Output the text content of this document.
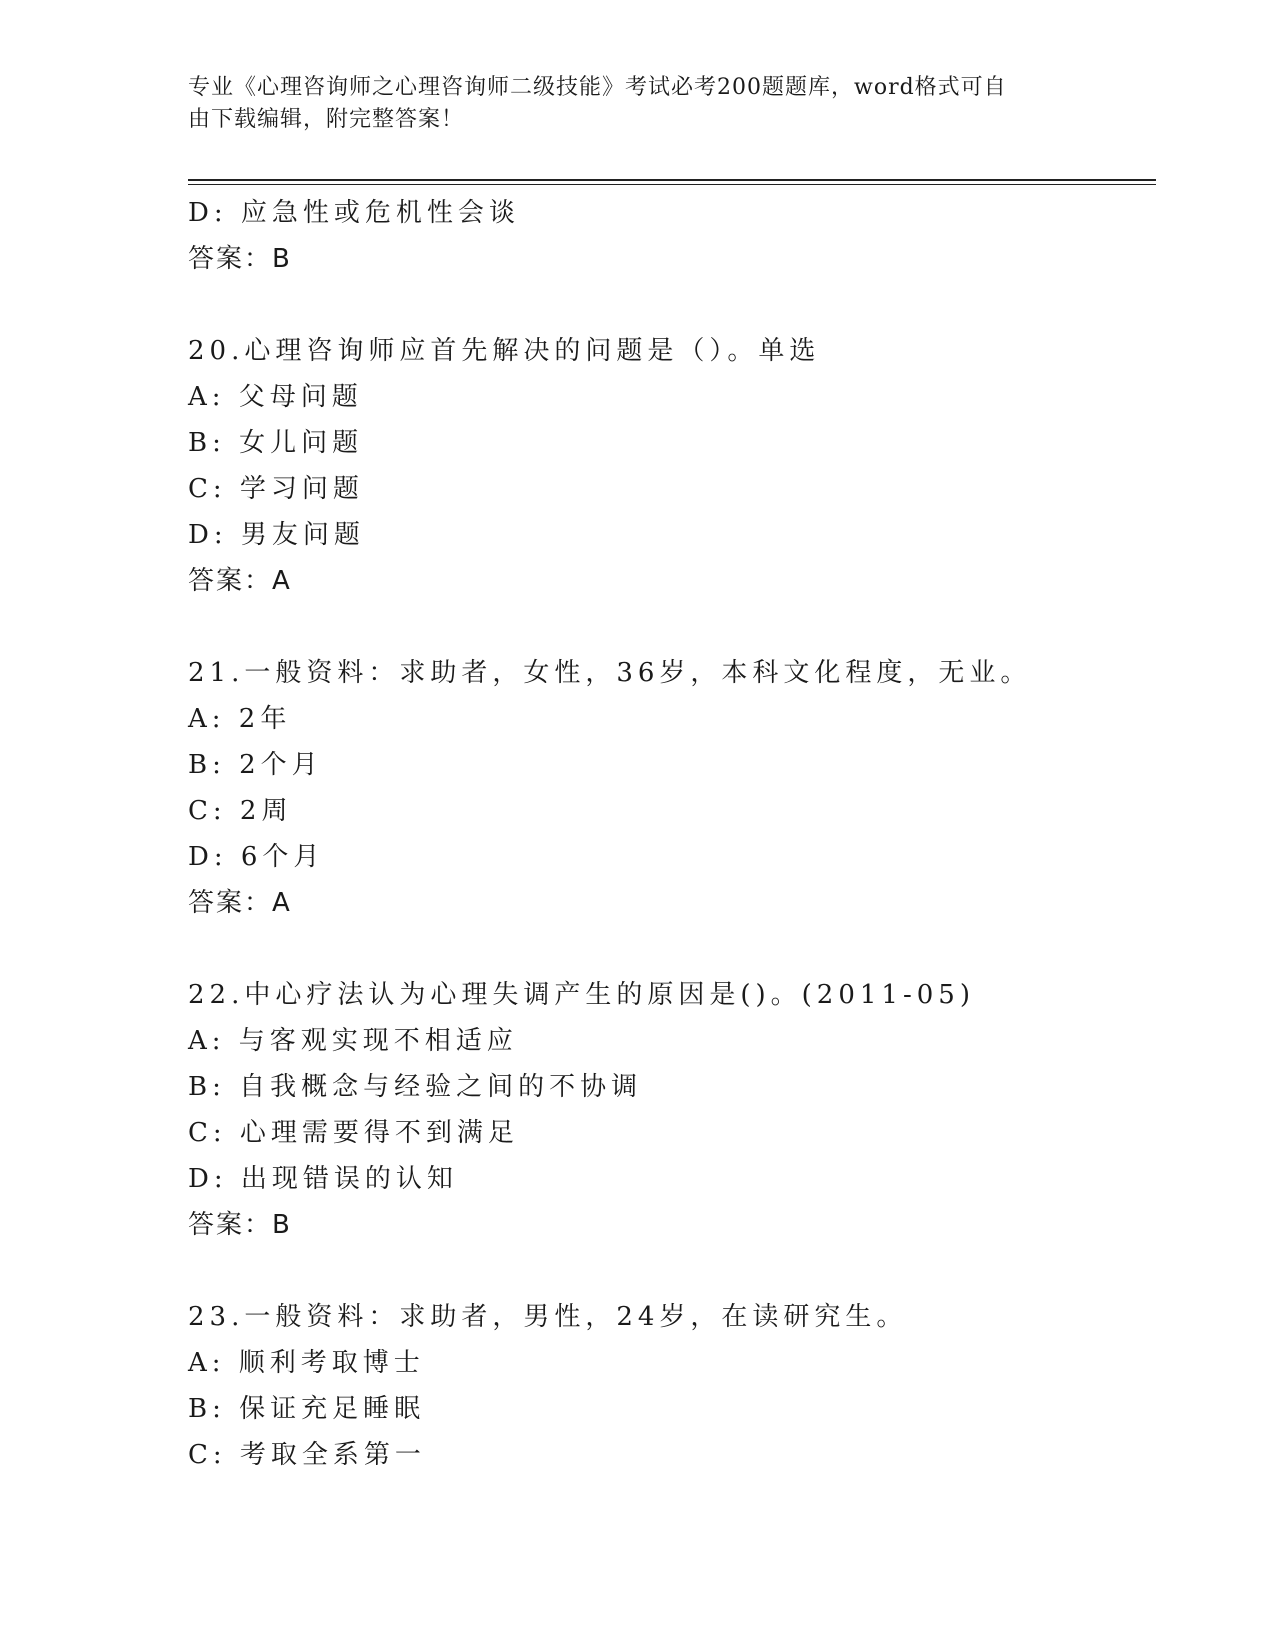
专业《心理咨询师之心理咨询师二级技能》考试必考200题题库，word格式可自
由下载编辑，附完整答案！
D: 应急性或危机性会谈
答案：B
20.心理咨询师应首先解决的问题是（）。单选
A: 父母问题
B: 女儿问题
C: 学习问题
D: 男友问题
答案：A
21.一般资料：求助者，女性，36岁，本科文化程度，无业。
A: 2年
B: 2个月
C: 2周
D: 6个月
答案：A
22.中心疗法认为心理失调产生的原因是()。(2011-05)
A: 与客观实现不相适应
B: 自我概念与经验之间的不协调
C: 心理需要得不到满足
D: 出现错误的认知
答案：B
23.一般资料：求助者，男性，24岁，在读研究生。
A: 顺利考取博士
B: 保证充足睡眠
C: 考取全系第一
